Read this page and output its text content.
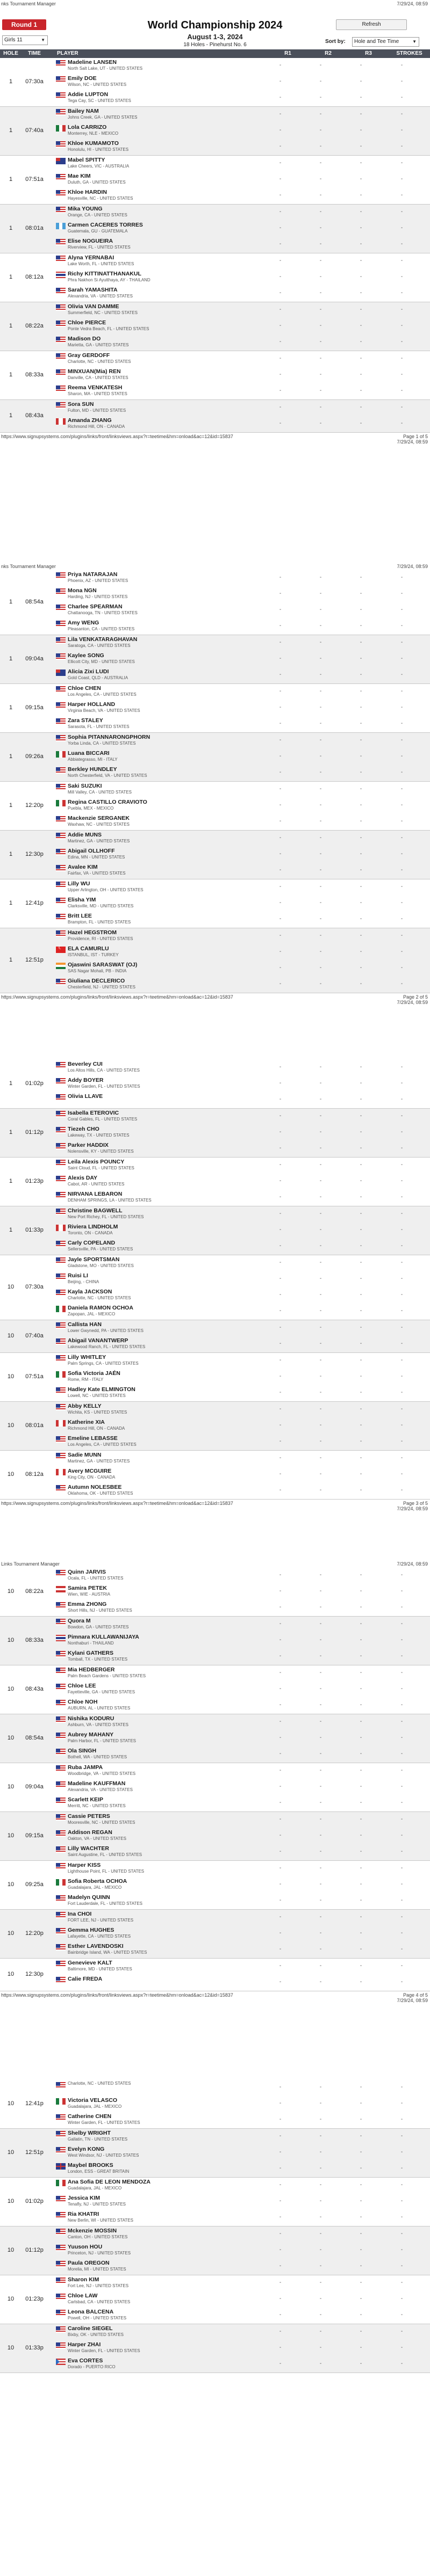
nks Tournament Manager	7/29/24, 08:59
Round 1
Girls 11	▼
World Championship 2024
August 1-3, 2024
18 Holes - Pinehurst No. 6
Refresh
Sort by:	Hole and Tee Time	▼
HOLE	TIME	PLAYER	R1	R2	R3	STROKES
1	07:30a
Madeline LANSEN
North Salt Lake, UT - UNITED STATES
-	-	-	-
Emily DOE
Wilson, NC - UNITED STATES
-	-	-	-
Addie LUPTON
Tega Cay, SC - UNITED STATES
-	-	-	-
1	07:40a
Bailey NAM
Johns Creek, GA - UNITED STATES
-	-	-	-
Lola CARRIZO
Monterrey, NLE - MEXICO
-	-	-	-
Khloe KUMAMOTO
Honolulu, HI - UNITED STATES
-	-	-	-
1	07:51a
Mabel SPITTY
Lake Cheers, VIC - AUSTRALIA
-	-	-	-
Mae KIM
Duluth, GA - UNITED STATES
-	-	-	-
Khloe HARDIN
Hayesville, NC - UNITED STATES
-	-	-	-
1	08:01a
Mika YOUNG
Orange, CA - UNITED STATES
-	-	-	-
Carmen CACERES TORRES
Guatemala, GU - GUATEMALA
-	-	-	-
Elise NOGUEIRA
Riverview, FL - UNITED STATES
-	-	-	-
1	08:12a
Alyna YERNABAI
Lake Worth, FL - UNITED STATES
-	-	-	-
Richy KITTINATTHANAKUL
Phra Nakhon Si Ayutthaya, AY - THAILAND
-	-	-	-
Sarah YAMASHITA
Alexandria, VA - UNITED STATES
-	-	-	-
1	08:22a
Olivia VAN DAMME
Summerfield, NC - UNITED STATES
-	-	-	-
Chloe PIERCE
Ponte Vedra Beach, FL - UNITED STATES
-	-	-	-
Madison DO
Marietta, GA - UNITED STATES
-	-	-	-
1	08:33a
Gray GERDOFF
Charlotte, NC - UNITED STATES
-	-	-	-
MINXUAN(Mia) REN
Danville, CA - UNITED STATES
-	-	-	-
Reema VENKATESH
Sharon, MA - UNITED STATES
-	-	-	-
1	08:43a
Sora SUN
Fulton, MD - UNITED STATES
-	-	-	-
Amanda ZHANG
Richmond Hill, ON - CANADA
-	-	-	-
https://www.signupsystems.com/plugins/links/front/linksviews.aspx?r=teetime&hm=onload&ac=12&id=15837	Page 1 of 5
7/29/24, 08:59
nks Tournament Manager	7/29/24, 08:59
1	08:54a
Priya NATARAJAN
Phoenix, AZ - UNITED STATES
-	-	-	-
Mona NGN
Harding, NJ - UNITED STATES
-	-	-	-
Charlee SPEARMAN
Chattanooga, TN - UNITED STATES
-	-	-	-
Amy WENG
Pleasanton, CA - UNITED STATES
-	-	-	-
1	09:04a
Lila VENKATARAGHAVAN
Saratoga, CA - UNITED STATES
-	-	-	-
Kaylee SONG
Ellicott City, MD - UNITED STATES
-	-	-	-
Alicia Zixi LUDI
Gold Coast, QLD - AUSTRALIA
-	-	-	-
1	09:15a
Chloe CHEN
Los Angeles, CA - UNITED STATES
-	-	-	-
Harper HOLLAND
Virginia Beach, VA - UNITED STATES
-	-	-	-
Zara STALEY
Sarasota, FL - UNITED STATES
-	-	-	-
1	09:26a
Sophia PITANNARONGPHORN
Yorba Linda, CA - UNITED STATES
-	-	-	-
Luana BICCARI
Abbiategrasso, MI - ITALY
-	-	-	-
Berkley HUNDLEY
North Chesterfield, VA - UNITED STATES
-	-	-	-
1	12:20p
Saki SUZUKI
Mill Valley, CA - UNITED STATES
-	-	-	-
Regina CASTILLO CRAVIOTO
Puebla, MEX - MEXICO
-	-	-	-
Mackenzie SERGANEK
Waxhaw, NC - UNITED STATES
-	-	-	-
1	12:30p
Addie MUNS
Martinez, GA - UNITED STATES
-	-	-	-
Abigail OLLHOFF
Edina, MN - UNITED STATES
-	-	-	-
Avalee KIM
Fairfax, VA - UNITED STATES
-	-	-	-
1	12:41p
Lilly WU
Upper Arlington, OH - UNITED STATES
-	-	-	-
Elisha YIM
Clarksville, MD - UNITED STATES
-	-	-	-
Britt LEE
Brampton, FL - UNITED STATES
-	-	-	-
1	12:51p
Hazel HEGSTROM
Providence, RI - UNITED STATES
-	-	-	-
☾
ELA CAMURLU
ISTANBUL, IST - TURKEY
-	-	-	-
Ojaswini SARASWAT (OJ)
SAS Nagar Mohali, PB - INDIA
-	-	-	-
Giuliana DECLERICO
Chesterfield, NJ - UNITED STATES
-	-	-	-
https://www.signupsystems.com/plugins/links/front/linksviews.aspx?r=teetime&hm=onload&ac=12&id=15837	Page 2 of 5
7/29/24, 08:59
1	01:02p
Beverley CUI
Los Altos Hills, CA - UNITED STATES
-	-	-	-
Addy BOYER
Winter Garden, FL - UNITED STATES
-	-	-	-
Olivia LLAVE	-	-	-	-
1	01:12p
Isabella ETEROVIC
Coral Gables, FL - UNITED STATES
-	-	-	-
Tiezeh CHO
Lakeway, TX - UNITED STATES
-	-	-	-
Parker HADDIX
Nolensville, KY - UNITED STATES
-	-	-	-
1	01:23p
Leila Alexis POUNCY
Saint Cloud, FL - UNITED STATES
-	-	-	-
Alexis DAY
Cabot, AR - UNITED STATES
-	-	-	-
NIRVANA LEBARON
DENHAM SPRINGS, LA - UNITED STATES
-	-	-	-
1	01:33p
Christine BAGWELL
New Port Richey, FL - UNITED STATES
-	-	-	-
Riviera LINDHOLM
Toronto, ON - CANADA
-	-	-	-
Carly COPELAND
Sellersville, PA - UNITED STATES
-	-	-	-
10	07:30a
Jayle SPORTSMAN
Gladstone, MO - UNITED STATES
-	-	-	-
Ruisi LI
Beijing, - CHINA
-	-	-	-
Kayla JACKSON
Charlotte, NC - UNITED STATES
-	-	-	-
Daniela RAMON OCHOA
Zapopan, JAL - MEXICO
-	-	-	-
10	07:40a
Callista HAN
Lower Gwynedd, PA - UNITED STATES
-	-	-	-
Abigail VANANTWERP
Lakewood Ranch, FL - UNITED STATES
-	-	-	-
10	07:51a
Lilly WHITLEY
Palm Springs, CA - UNITED STATES
-	-	-	-
Sofia Victoria JAÉN
Rome, RM - ITALY
-	-	-	-
Hadley Kate ELMINGTON
Lowell, NC - UNITED STATES
-	-	-	-
10	08:01a
Abby KELLY
Wichita, KS - UNITED STATES
-	-	-	-
Katherine XIA
Richmond Hill, ON - CANADA
-	-	-	-
Emeline LEBASSE
Los Angeles, CA - UNITED STATES
-	-	-	-
10	08:12a
Sadie MUNN
Martinez, GA - UNITED STATES
-	-	-	-
Avery MCGUIRE
King City, ON - CANADA
-	-	-	-
Autumn NOLESBEE
Oklahoma, OK - UNITED STATES
-	-	-	-
https://www.signupsystems.com/plugins/links/front/linksviews.aspx?r=teetime&hm=onload&ac=12&id=15837	Page 3 of 5
7/29/24, 08:59
Links Tournament Manager	7/29/24, 08:59
10	08:22a
Quinn JARVIS
Ocala, FL - UNITED STATES
-	-	-	-
Samira PETEK
Wien, WIE - AUSTRIA
-	-	-	-
Emma ZHONG
Short Hills, NJ - UNITED STATES
-	-	-	-
10	08:33a
Quora M
Bowdon, GA - UNITED STATES
-	-	-	-
Pimnara KULLAWANIJAYA
Nonthaburi - THAILAND
-	-	-	-
Kylani GATHERS
Tomball, TX - UNITED STATES
-	-	-	-
10	08:43a
Mia HEDBERGER
Palm Beach Gardens - UNITED STATES
-	-	-	-
Chloe LEE
Fayetteville, GA - UNITED STATES
-	-	-	-
Chloe NOH
AUBURN, AL - UNITED STATES
-	-	-	-
10	08:54a
Nishika KODURU
Ashburn, VA - UNITED STATES
-	-	-	-
Aubrey MAHANY
Palm Harbor, FL - UNITED STATES
-	-	-	-
Ola SINGH
Bothell, WA - UNITED STATES
-	-	-	-
10	09:04a
Ruba JAMPA
Woodbridge, VA - UNITED STATES
-	-	-	-
Madeline KAUFFMAN
Alexandria, VA - UNITED STATES
-	-	-	-
Scarlett KEIP
Merritt, NC - UNITED STATES
-	-	-	-
10	09:15a
Cassie PETERS
Mooresville, NC - UNITED STATES
-	-	-	-
Addison REGAN
Oakton, VA - UNITED STATES
-	-	-	-
Lilly WACHTER
Saint Augustine, FL - UNITED STATES
-	-	-	-
10	09:25a
Harper KISS
Lighthouse Point, FL - UNITED STATES
-	-	-	-
Sofia Roberta OCHOA
Guadalajara, JAL - MEXICO
-	-	-	-
Madelyn QUINN
Fort Lauderdale, FL - UNITED STATES
-	-	-	-
10	12:20p
Ina CHOI
FORT LEE, NJ - UNITED STATES
-	-	-	-
Gemma HUGHES
Lafayette, CA - UNITED STATES
-	-	-	-
Esther LAVENDOSKI
Bainbridge Island, WA - UNITED STATES
-	-	-	-
10	12:30p
Genevieve KALT
Baltimore, MD - UNITED STATES
-	-	-	-
Calie FREDA	-	-	-	-
https://www.signupsystems.com/plugins/links/front/linksviews.aspx?r=teetime&hm=onload&ac=12&id=15837	Page 4 of 5
7/29/24, 08:59
10	12:41p
Charlotte, NC - UNITED STATES
-	-	-	-
Victoria VELASCO
Guadalajara, JAL - MEXICO
-	-	-	-
Catherine CHEN
Winter Garden, FL - UNITED STATES
-	-	-	-
10	12:51p
Shelby WRIGHT
Gallatin, TN - UNITED STATES
-	-	-	-
Evelyn KONG
West Windsor, NJ - UNITED STATES
-	-	-	-
Maybel BROOKS
London, ESS - GREAT BRITAIN
-	-	-	-
10	01:02p
Ana Sofia DE LEON MENDOZA
Guadalajara, JAL - MEXICO
-	-	-	-
Jessica KIM
Tenafly, NJ - UNITED STATES
-	-	-	-
Ria KHATRI
New Berlin, WI - UNITED STATES
-	-	-	-
10	01:12p
Mckenzie MOSSIN
Canton, OH - UNITED STATES
-	-	-	-
Yuuson HOU
Princeton, NJ - UNITED STATES
-	-	-	-
Paula OREGON
Morelia, MI - UNITED STATES
-	-	-	-
10	01:23p
Sharon KIM
Fort Lee, NJ - UNITED STATES
-	-	-	-
Chloe LAW
Carlsbad, CA - UNITED STATES
-	-	-	-
Leona BALCENA
Powell, OH - UNITED STATES
-	-	-	-
10	01:33p
Caroline SIEGEL
Bixby, OK - UNITED STATES
-	-	-	-
Harper ZHAI
Winter Garden, FL - UNITED STATES
-	-	-	-
Eva CORTES
Dorado - PUERTO RICO
-	-	-	-
